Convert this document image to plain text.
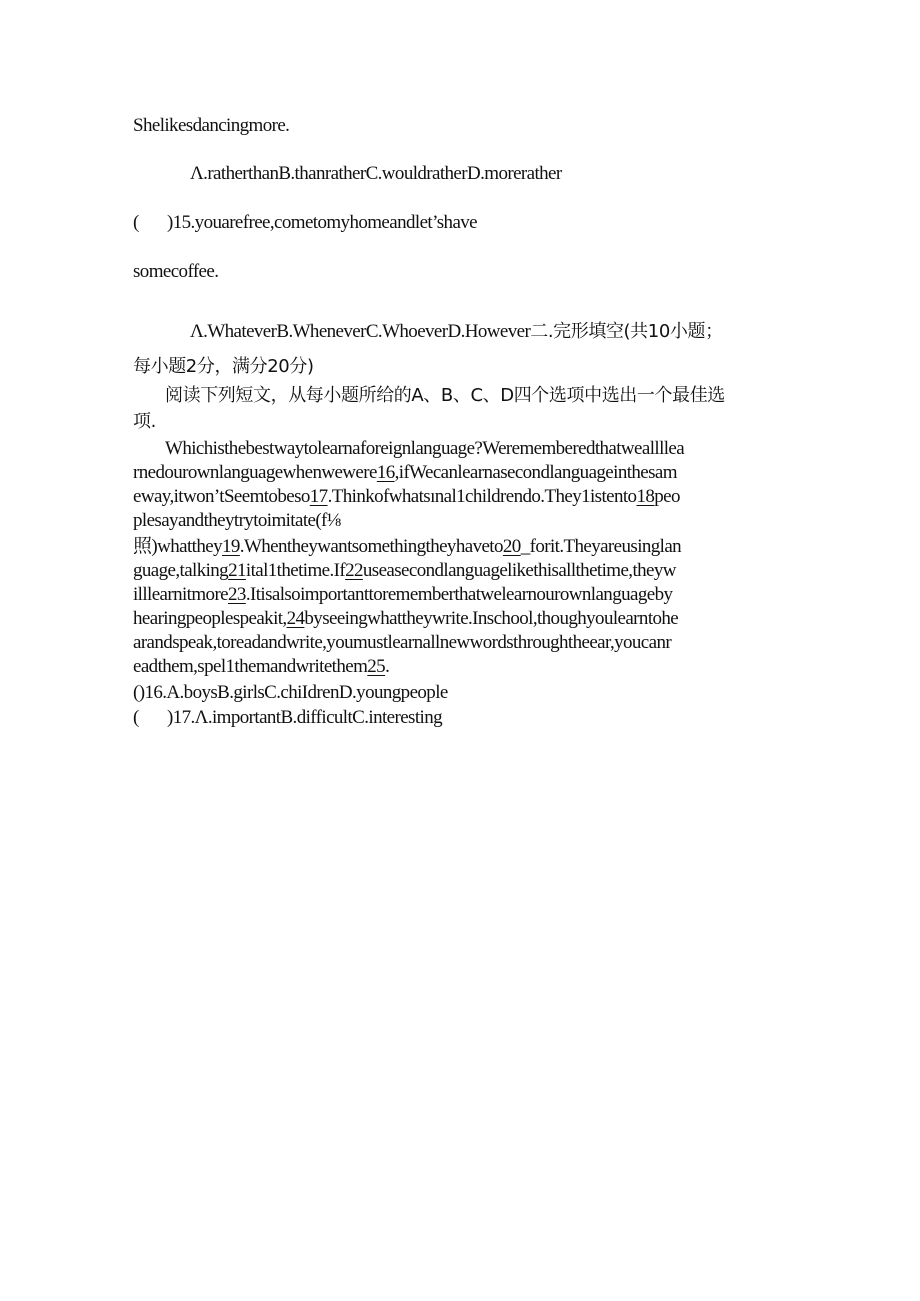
Shelikesdancingmore.
Λ.ratherthanB.thanratherC.wouldratherD.morerather
( )15.youarefree,cometomyhomeandlet’shave
somecoffee.
Λ.WhateverB.WheneverC.WhoeverD.However二.完形填空(共10小题；
每小题2分，满分20分)
阅读下列短文，从每小题所给的A、B、C、D四个选项中选出一个最佳选
项.
Whichisthebestwaytolearnaforeignlanguage?Werememberedthatweallllea
rnedourownlanguagewhenwewere16,ifWecanlearnasecondlanguageinthesam
eway,itwon’tSeemtobeso17.Thinkofwhatsınal1childrendo.They1istento18peo
plesayandtheytrytoimitate(f⅛
照)whatthey19.Whentheywantsomethingtheyhaveto20_forit.Theyareusinglan
guage,talking21ital1thetime.If22useasecondlanguagelikethisallthetime,theyw
illlearnitmore23.Itisalsoimportanttorememberthatwelearnourownlanguageby
hearingpeoplespeakit,24byseeingwhattheywrite.Inschool,thoughyoulearntohe
arandspeak,toreadandwrite,youmustlearnallnewwordsthroughtheear,youcanr
eadthem,spel1themandwritethem25.
()16.A.boysB.girlsC.chiIdrenD.youngpeople
( )17.Λ.importantB.difficultC.interesting
